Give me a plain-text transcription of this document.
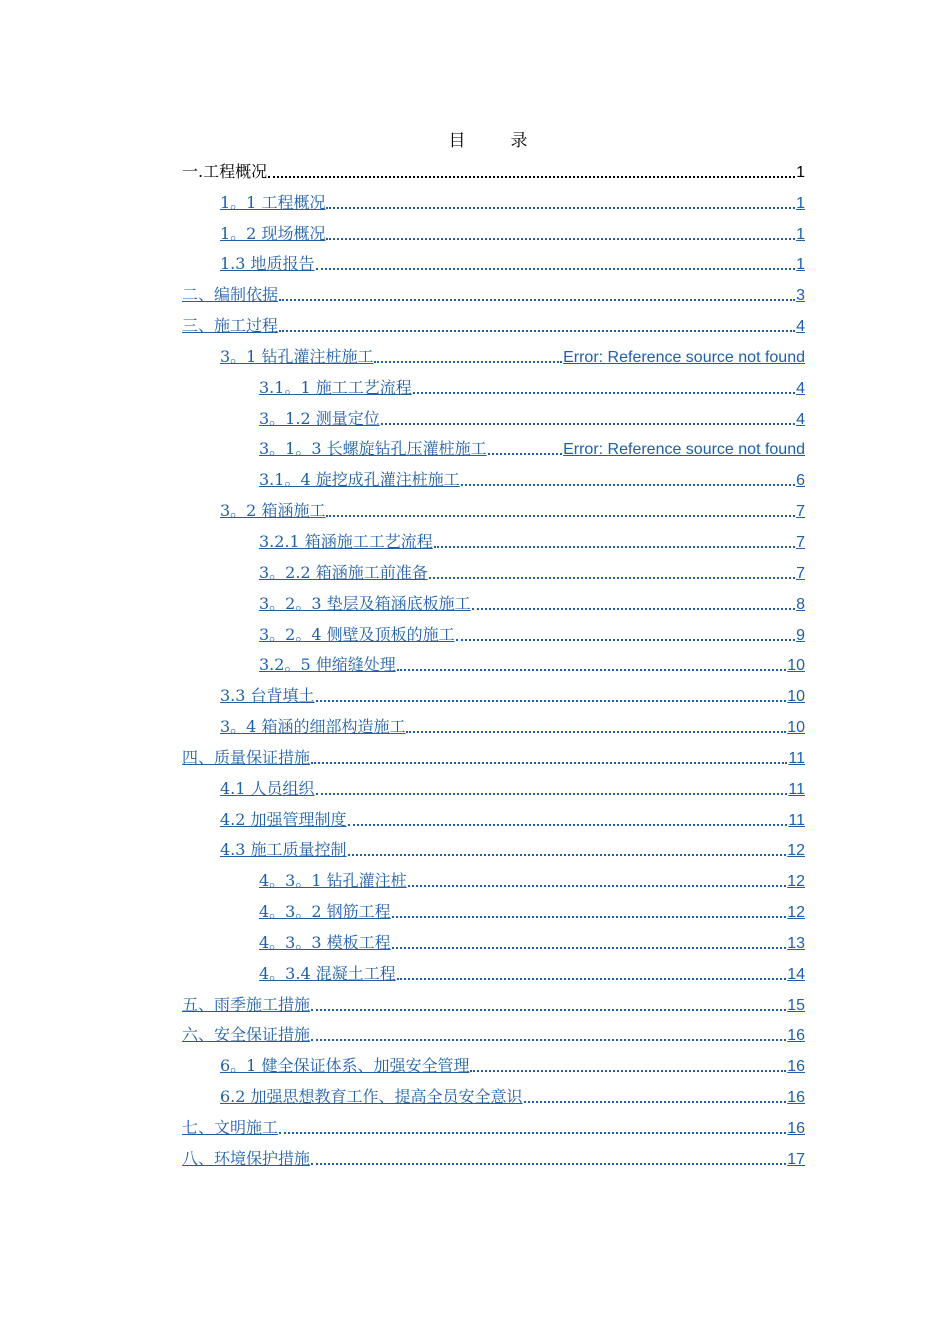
目　录
一.工程概况	1
1。1 工程概况	1
1。2 现场概况	1
1.3 地质报告	1
二、编制依据	3
三、施工过程	4
3。1 钻孔灌注桩施工	Error: Reference source not found
3.1。1 施工工艺流程	4
3。1.2 测量定位	4
3。1。3 长螺旋钻孔压灌桩施工	Error: Reference source not found
3.1。4 旋挖成孔灌注桩施工	6
3。2 箱涵施工	7
3.2.1 箱涵施工工艺流程	7
3。2.2 箱涵施工前准备	7
3。2。3 垫层及箱涵底板施工	8
3。2。4 侧壁及顶板的施工	9
3.2。5 伸缩缝处理	10
3.3 台背填土	10
3。4 箱涵的细部构造施工	10
四、质量保证措施	11
4.1 人员组织	11
4.2 加强管理制度	11
4.3 施工质量控制	12
4。3。1 钻孔灌注桩	12
4。3。2 钢筋工程	12
4。3。3 模板工程	13
4。3.4 混凝土工程	14
五、雨季施工措施	15
六、安全保证措施	16
6。1 健全保证体系、加强安全管理	16
6.2 加强思想教育工作、提高全员安全意识	16
七、文明施工	16
八、环境保护措施	17
